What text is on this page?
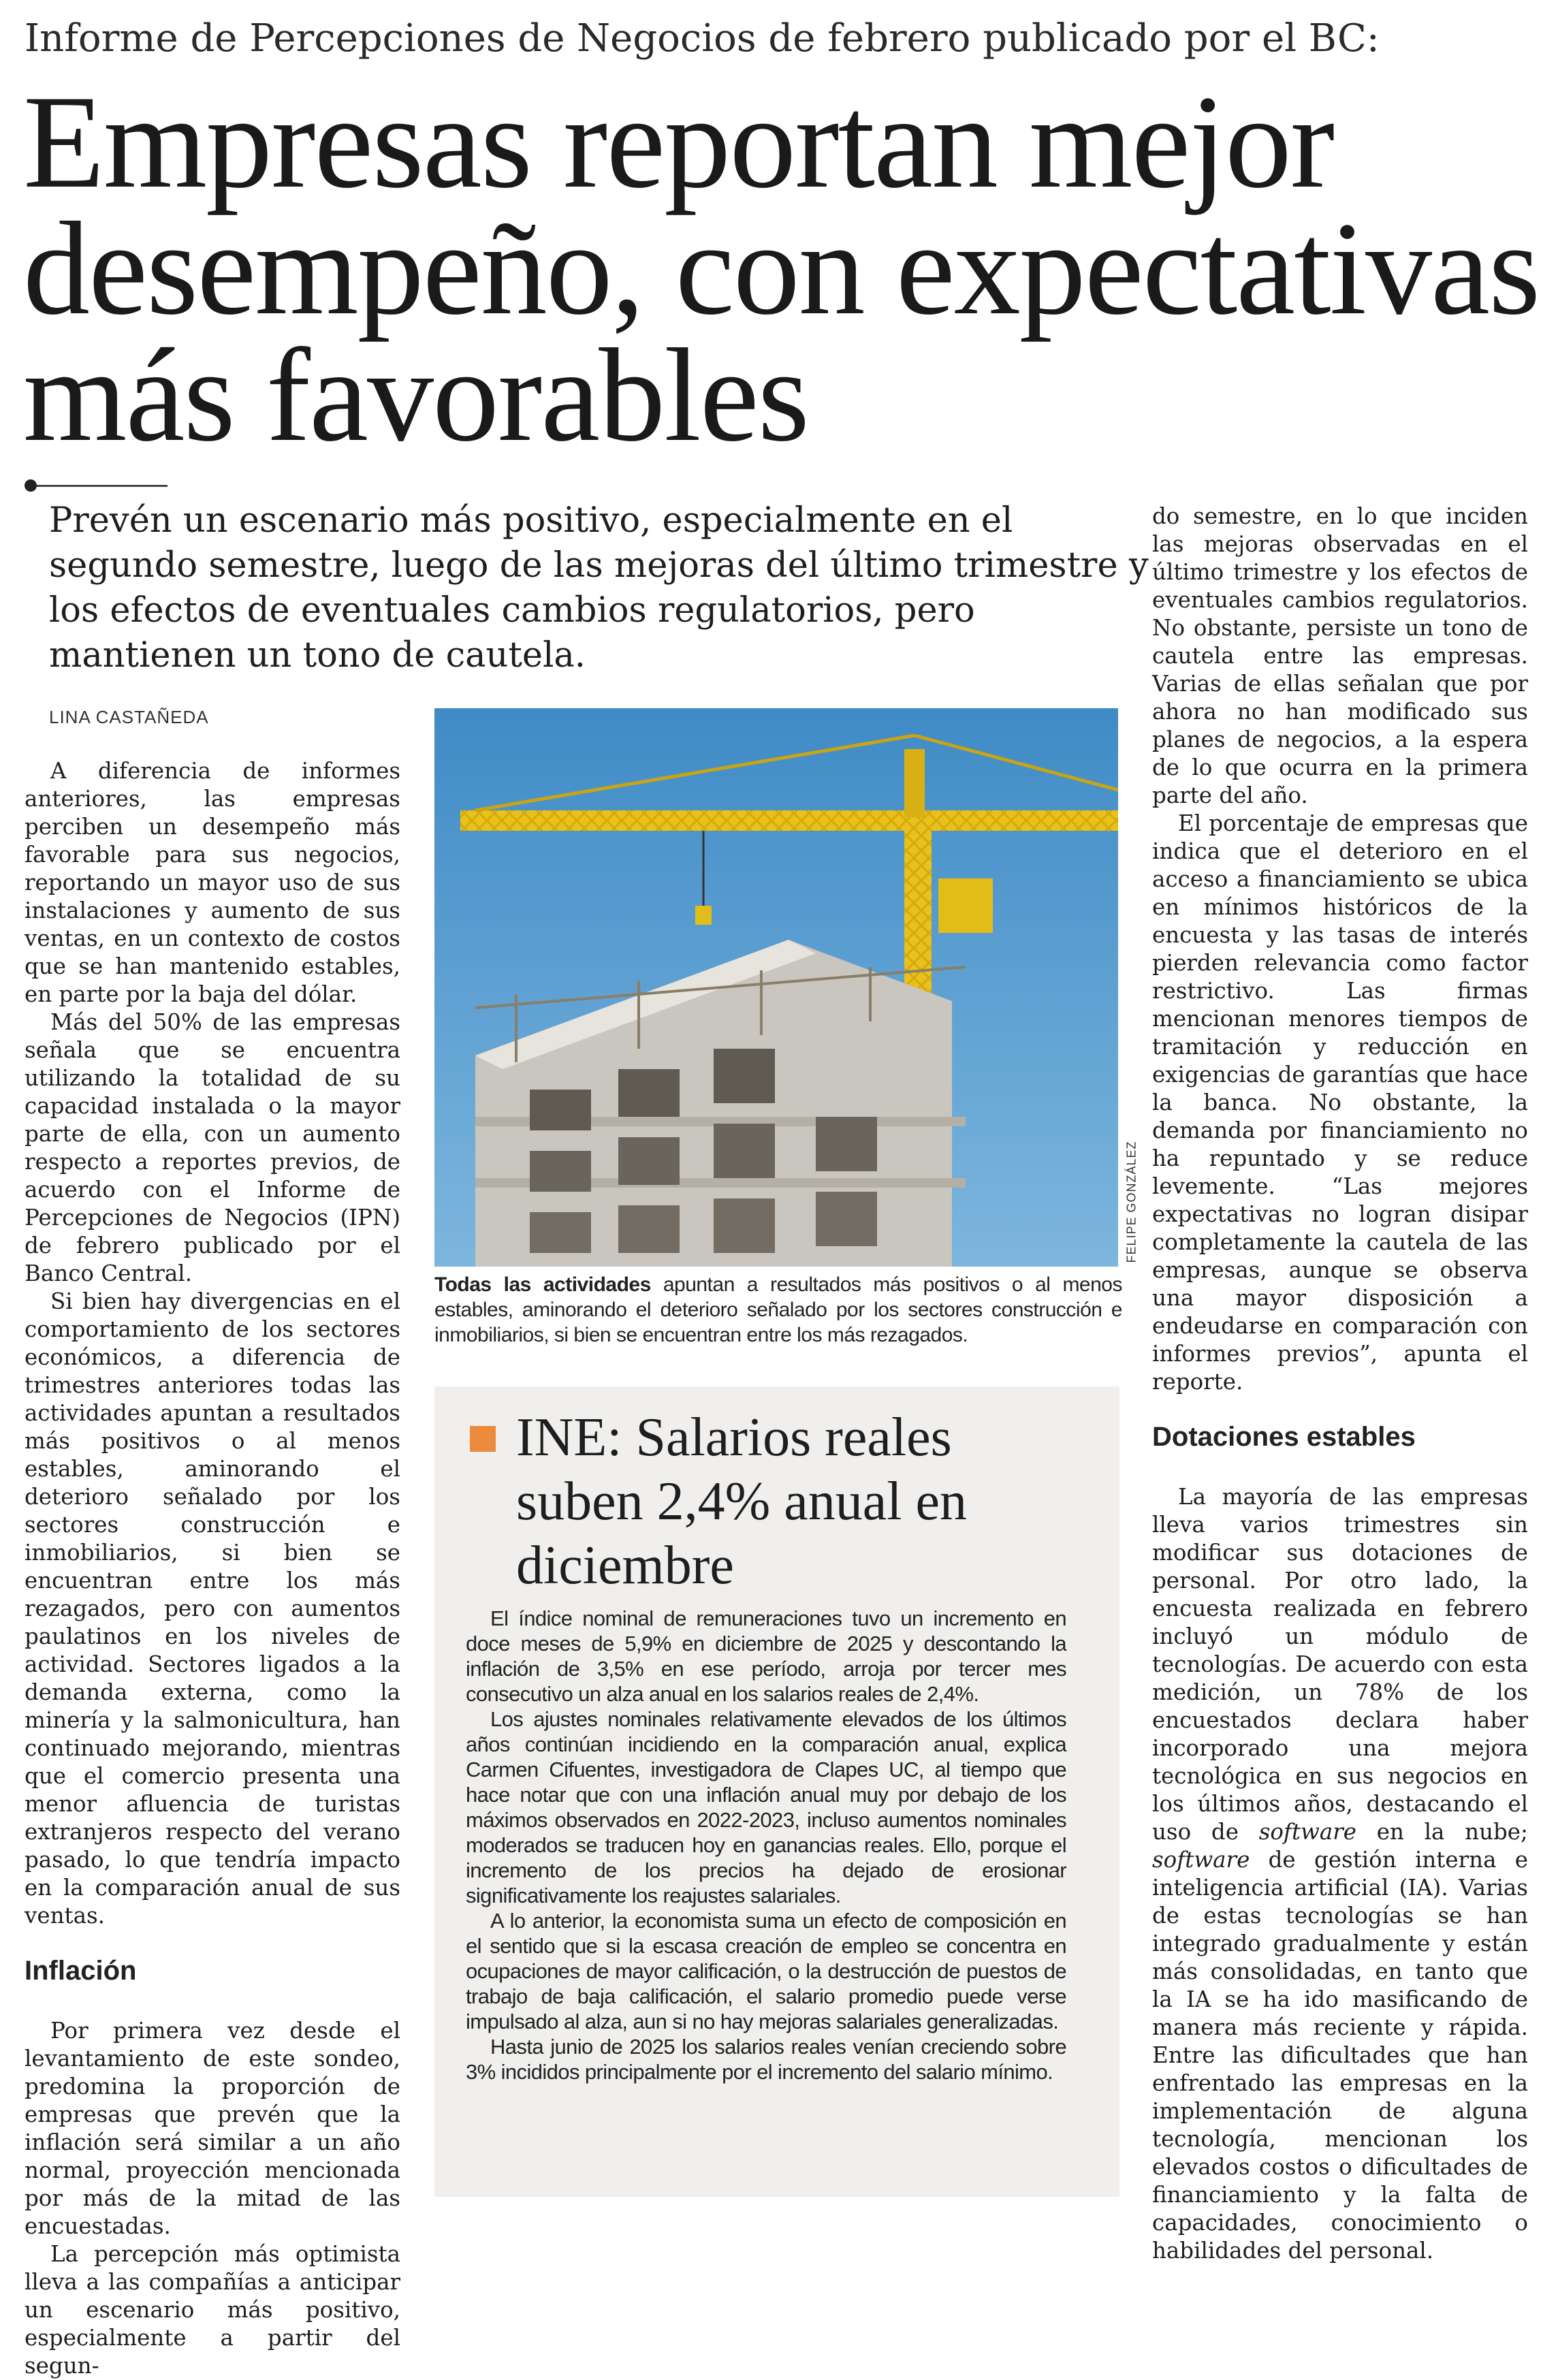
Informe de Percepciones de Negocios de febrero publicado por el BC:
Empresas reportan mejor
desempeño, con expectativas
más favorables
Prevén un escenario más positivo, especialmente en el
segundo semestre, luego de las mejoras del último trimestre y
los efectos de eventuales cambios regulatorios, pero
mantienen un tono de cautela.
LINA CASTAÑEDA

A diferencia de informes anteriores, las empresas perciben un desempeño más favorable para sus negocios, reportando un mayor uso de sus instalaciones y aumento de sus ventas, en un contexto de costos que se han mantenido estables, en parte por la baja del dólar.

Más del 50% de las empresas señala que se encuentra utilizando la totalidad de su capacidad instalada o la mayor parte de ella, con un aumento respecto a reportes previos, de acuerdo con el Informe de Percepciones de Negocios (IPN) de febrero publicado por el Banco Central.

Si bien hay divergencias en el comportamiento de los sectores económicos, a diferencia de trimestres anteriores todas las actividades apuntan a resultados más positivos o al menos estables, aminorando el deterioro señalado por los sectores construcción e inmobiliarios, si bien se encuentran entre los más rezagados, pero con aumentos paulatinos en los niveles de actividad. Sectores ligados a la demanda externa, como la minería y la salmonicultura, han continuado mejorando, mientras que el comercio presenta una menor afluencia de turistas extranjeros respecto del verano pasado, lo que tendría impacto en la comparación anual de sus ventas.

Inflación

Por primera vez desde el levantamiento de este sondeo, predomina la proporción de empresas que prevén que la inflación será similar a un año normal, proyección mencionada por más de la mitad de las encuestadas.

La percepción más optimista lleva a las compañías a anticipar un escenario más positivo, especialmente a partir del segun-

FELIPE GONZÁLEZ
Todas las actividades apuntan a resultados más positivos o al menos estables, aminorando el deterioro señalado por los sectores construcción e inmobiliarios, si bien se encuentran entre los más rezagados.
INE: Salarios reales suben 2,4% anual en diciembre

El índice nominal de remuneraciones tuvo un incremento en doce meses de 5,9% en diciembre de 2025 y descontando la inflación de 3,5% en ese período, arroja por tercer mes consecutivo un alza anual en los salarios reales de 2,4%.

Los ajustes nominales relativamente elevados de los últimos años continúan incidiendo en la comparación anual, explica Carmen Cifuentes, investigadora de Clapes UC, al tiempo que hace notar que con una inflación anual muy por debajo de los máximos observados en 2022-2023, incluso aumentos nominales moderados se traducen hoy en ganancias reales. Ello, porque el incremento de los precios ha dejado de erosionar significativamente los reajustes salariales.

A lo anterior, la economista suma un efecto de composición en el sentido que si la escasa creación de empleo se concentra en ocupaciones de mayor calificación, o la destrucción de puestos de trabajo de baja calificación, el salario promedio puede verse impulsado al alza, aun si no hay mejoras salariales generalizadas.

Hasta junio de 2025 los salarios reales venían creciendo sobre 3% incididos principalmente por el incremento del salario mínimo.

do semestre, en lo que inciden las mejoras observadas en el último trimestre y los efectos de eventuales cambios regulatorios. No obstante, persiste un tono de cautela entre las empresas. Varias de ellas señalan que por ahora no han modificado sus planes de negocios, a la espera de lo que ocurra en la primera parte del año.

El porcentaje de empresas que indica que el deterioro en el acceso a financiamiento se ubica en mínimos históricos de la encuesta y las tasas de interés pierden relevancia como factor restrictivo. Las firmas mencionan menores tiempos de tramitación y reducción en exigencias de garantías que hace la banca. No obstante, la demanda por financiamiento no ha repuntado y se reduce levemente. “Las mejores expectativas no logran disipar completamente la cautela de las empresas, aunque se observa una mayor disposición a endeudarse en comparación con informes previos”, apunta el reporte.

Dotaciones estables

La mayoría de las empresas lleva varios trimestres sin modificar sus dotaciones de personal. Por otro lado, la encuesta realizada en febrero incluyó un módulo de tecnologías. De acuerdo con esta medición, un 78% de los encuestados declara haber incorporado una mejora tecnológica en sus negocios en los últimos años, destacando el uso de software en la nube; software de gestión interna e inteligencia artificial (IA). Varias de estas tecnologías se han integrado gradualmente y están más consolidadas, en tanto que la IA se ha ido masificando de manera más reciente y rápida. Entre las dificultades que han enfrentado las empresas en la implementación de alguna tecnología, mencionan los elevados costos o dificultades de financiamiento y la falta de capacidades, conocimiento o habilidades del personal.
